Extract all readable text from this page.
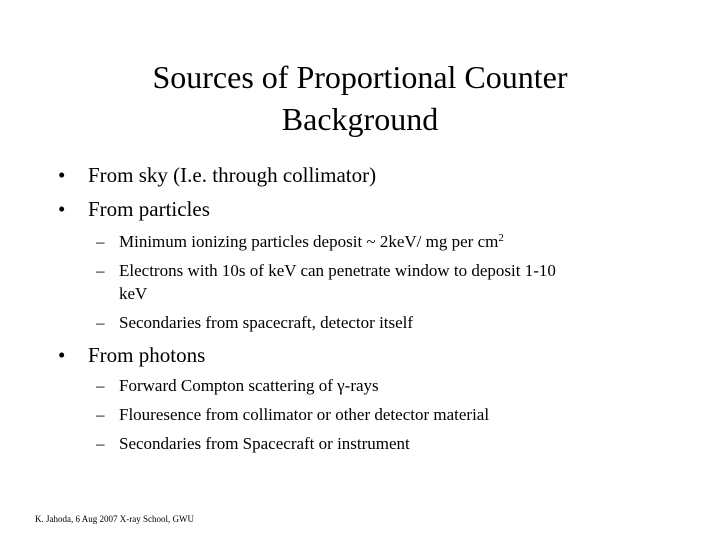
Sources of Proportional Counter
Background
• From sky (I.e. through collimator)
• From particles
– Minimum ionizing particles deposit ~ 2keV/ mg per $cm^2$
– Electrons with 10s of keV can penetrate window to deposit 1-10
keV
– Secondaries from spacecraft, detector itself
• From photons
– Forward Compton scattering of γ-rays
– Flouresence from collimator or other detector material
– Secondaries from Spacecraft or instrument
K. Jahoda, 6 Aug 2007 X-ray School, GWU
